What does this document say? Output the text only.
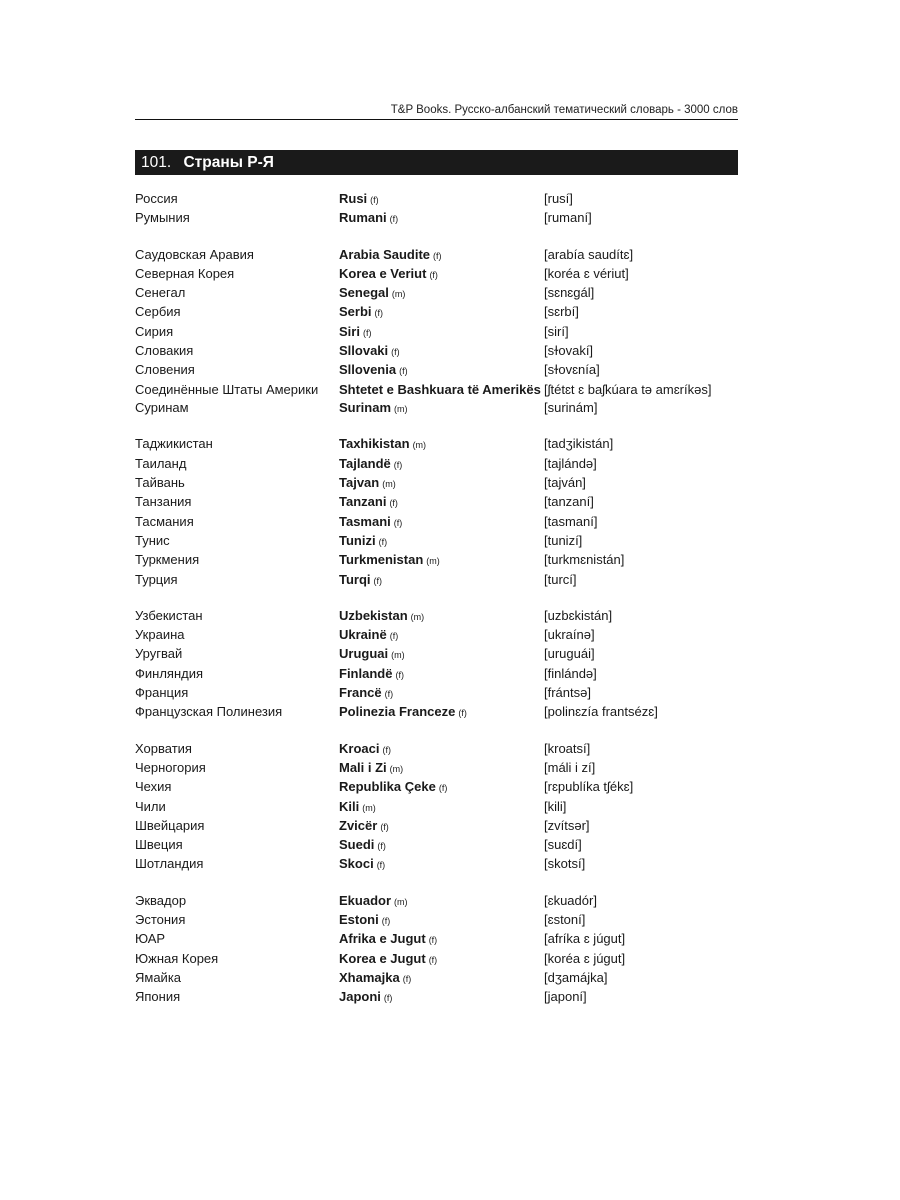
T&P Books. Русско-албанский тематический словарь - 3000 слов
101. Страны Р-Я
Россия	Rusi (f)	[rusí]
Румыния	Rumani (f)	[rumaní]
Саудовская Аравия	Arabia Saudite (f)	[arabía saudítɛ]
Северная Корея	Korea e Veriut (f)	[koréa ɛ vériut]
Сенегал	Senegal (m)	[sɛnɛgál]
Сербия	Serbi (f)	[sɛrbí]
Сирия	Siri (f)	[sirí]
Словакия	Sllovaki (f)	[sɫovakí]
Словения	Sllovenia (f)	[sɫovɛnía]
Соединённые Штаты Америки	Shtetet e Bashkuara të Amerikës [ʃtétɛt ɛ baʃkúara tə amɛríkəs]
Суринам	Surinam (m)	[surinám]
Таджикистан	Taxhikistan (m)	[tadʒikistán]
Таиланд	Tajlandë (f)	[tajlándə]
Тайвань	Tajvan (m)	[tajván]
Танзания	Tanzani (f)	[tanzaní]
Тасмания	Tasmani (f)	[tasmaní]
Тунис	Tunizi (f)	[tunizí]
Туркмения	Turkmenistan (m)	[turkmɛnistán]
Турция	Turqi (f)	[turcí]
Узбекистан	Uzbekistan (m)	[uzbɛkistán]
Украина	Ukrainë (f)	[ukraínə]
Уругвай	Uruguai (m)	[uruguái]
Финляндия	Finlandë (f)	[finlándə]
Франция	Francë (f)	[frántsə]
Французская Полинезия	Polinezia Franceze (f)	[polinɛzía frantsézɛ]
Хорватия	Kroaci (f)	[kroatsí]
Черногория	Mali i Zi (m)	[máli i zí]
Чехия	Republika Çeke (f)	[rɛpublíka tʃékɛ]
Чили	Kili (m)	[kili]
Швейцария	Zvicër (f)	[zvítsər]
Швеция	Suedi (f)	[suɛdí]
Шотландия	Skoci (f)	[skotsí]
Эквадор	Ekuador (m)	[ɛkuadór]
Эстония	Estoni (f)	[ɛstoní]
ЮАР	Afrika e Jugut (f)	[afríka ɛ júgut]
Южная Корея	Korea e Jugut (f)	[koréa ɛ júgut]
Ямайка	Xhamajka (f)	[dʒamájka]
Япония	Japoni (f)	[japoní]
